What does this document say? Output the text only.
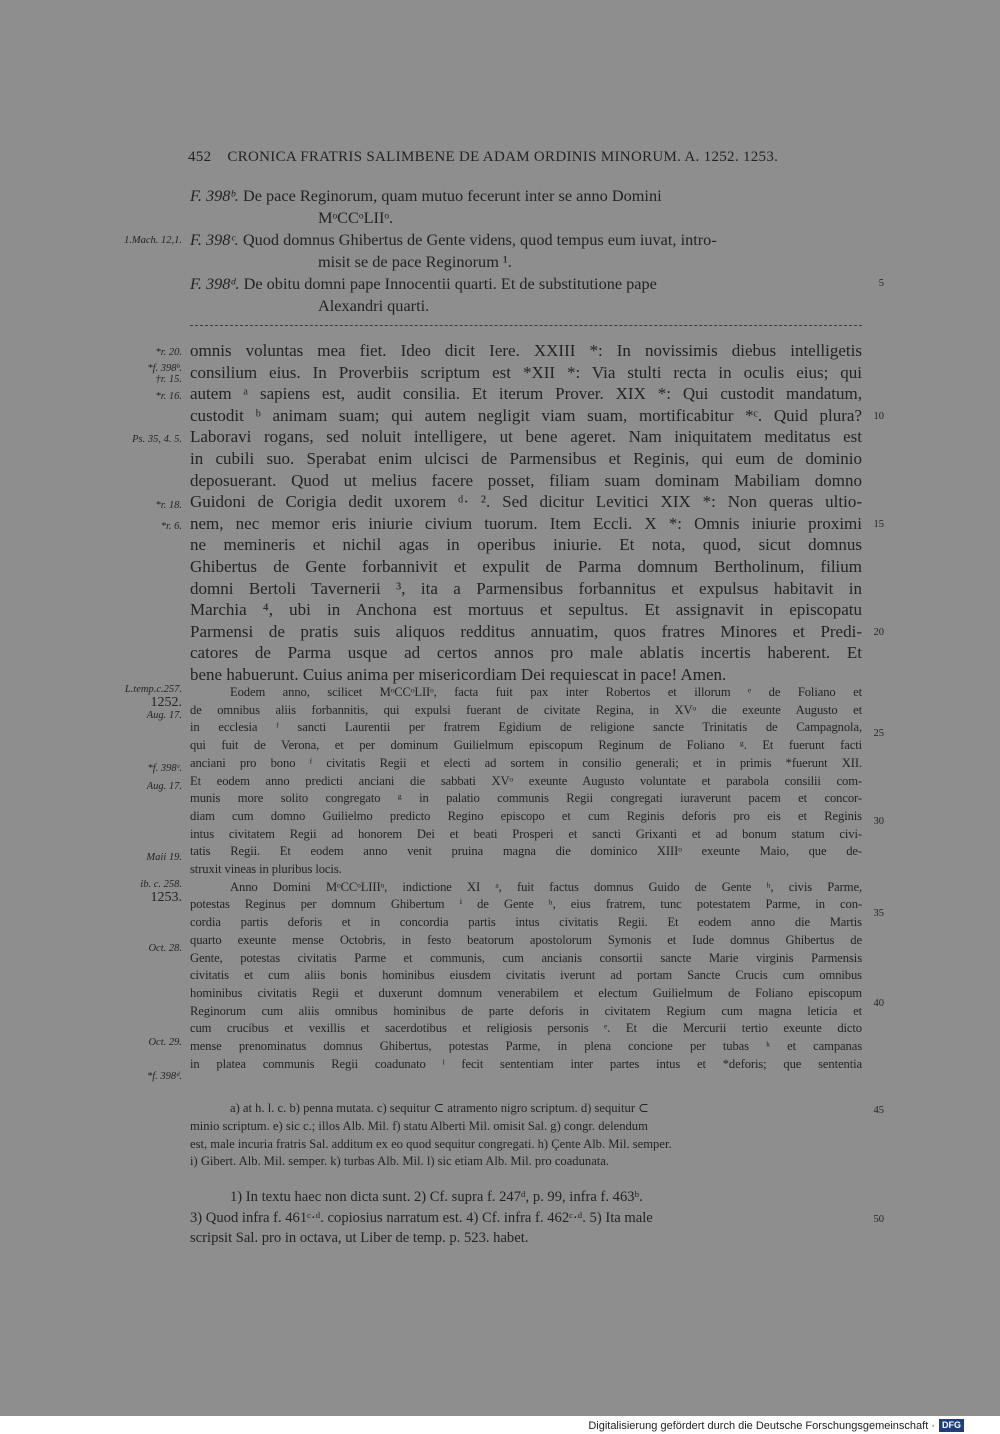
452 CRONICA FRATRIS SALIMBENE DE ADAM ORDINIS MINORUM. A. 1252. 1253.
F. 398ᵇ. De pace Reginorum, quam mutuo fecerunt inter se anno Domini
MᵒCCᵒLIIᵒ.
F. 398ᶜ. Quod domnus Ghibertus de Gente videns, quod tempus eum iuvat, intro-
misit se de pace Reginorum ¹.
F. 398ᵈ. De obitu domni pape Innocentii quarti. Et de substitutione pape
Alexandri quarti.
omnis voluntas mea fiet. Ideo dicit Iere. XXIII *: In novissimis diebus intelligetis
consilium eius. In Proverbiis scriptum est *XII *: Via stulti recta in oculis eius; qui
autem ᵃ sapiens est, audit consilia. Et iterum Prover. XIX *: Qui custodit mandatum,
custodit ᵇ animam suam; qui autem negligit viam suam, mortificabitur *ᶜ. Quid plura?
Laboravi rogans, sed noluit intelligere, ut bene ageret. Nam iniquitatem meditatus est
in cubili suo. Sperabat enim ulcisci de Parmensibus et Reginis, qui eum de dominio
deposuerant. Quod ut melius facere posset, filiam suam dominam Mabiliam domno
Guidoni de Corigia dedit uxorem ᵈ· ². Sed dicitur Levitici XIX *: Non queras ultio-
nem, nec memor eris iniurie civium tuorum. Item Eccli. X *: Omnis iniurie proximi
ne memineris et nichil agas in operibus iniurie. Et nota, quod, sicut domnus
Ghibertus de Gente forbannivit et expulit de Parma domnum Bertholinum, filium
domni Bertoli Tavernerii ³, ita a Parmensibus forbannitus et expulsus habitavit in
Marchia ⁴, ubi in Anchona est mortuus et sepultus. Et assignavit in episcopatu
Parmensi de pratis suis aliquos redditus annuatim, quos fratres Minores et Predi-
catores de Parma usque ad certos annos pro male ablatis incertis haberent. Et
bene habuerunt. Cuius anima per misericordiam Dei requiescat in pace! Amen.
Eodem anno, scilicet MᵒCCᵒLIIᵒ, facta fuit pax inter Robertos et illorum ᵉ de Foliano et
de omnibus aliis forbannitis, qui expulsi fuerant de civitate Regina, in XVᵒ die exeunte Augusto et
in ecclesia ᶠ sancti Laurentii per fratrem Egidium de religione sancte Trinitatis de Campagnola,
qui fuit de Verona, et per dominum Guilielmum episcopum Reginum de Foliano ᵍ. Et fuerunt facti
anciani pro bono ᶠ civitatis Regii et electi ad sortem in consilio generali; et in primis *fuerunt XII.
Et eodem anno predicti anciani die sabbati XVᵒ exeunte Augusto voluntate et parabola consilii com-
munis more solito congregato ᵍ in palatio communis Regii congregati iuraverunt pacem et concor-
diam cum domno Guilielmo predicto Regino episcopo et cum Reginis deforis pro eis et Reginis
intus civitatem Regii ad honorem Dei et beati Prosperi et sancti Grixanti et ad bonum statum civi-
tatis Regii. Et eodem anno venit pruina magna die dominico XIIIᵒ exeunte Maio, que de-
struxit vineas in pluribus locis.
Anno Domini MᵒCCᵒLIIIᵒ, indictione XI ᵃ, fuit factus domnus Guido de Gente ʰ, civis Parme,
potestas Reginus per domnum Ghibertum ⁱ de Gente ʰ, eius fratrem, tunc potestatem Parme, in con-
cordia partis deforis et in concordia partis intus civitatis Regii. Et eodem anno die Martis
quarto exeunte mense Octobris, in festo beatorum apostolorum Symonis et Iude domnus Ghibertus de
Gente, potestas civitatis Parme et communis, cum ancianis consortii sancte Marie virginis Parmensis
civitatis et cum aliis bonis hominibus eiusdem civitatis iverunt ad portam Sancte Crucis cum omnibus
hominibus civitatis Regii et duxerunt domnum venerabilem et electum Guilielmum de Foliano episcopum
Reginorum cum aliis omnibus hominibus de parte deforis in civitatem Regium cum magna leticia et
cum crucibus et vexillis et sacerdotibus et religiosis personis ᵉ. Et die Mercurii tertio exeunte dicto
mense prenominatus domnus Ghibertus, potestas Parme, in plena concione per tubas ᵏ et campanas
in platea communis Regii coadunato ˡ fecit sententiam inter partes intus et *deforis; que sententia
a) at h. l. c. b) penna mutata. c) sequitur ⊂ atramento nigro scriptum. d) sequitur ⊂
minio scriptum. e) sic c.; illos Alb. Mil. f) statu Alberti Mil. omisit Sal. g) congr. delendum
est, male incuria fratris Sal. additum ex eo quod sequitur congregati. h) Çente Alb. Mil. semper.
i) Gibert. Alb. Mil. semper. k) turbas Alb. Mil. l) sic etiam Alb. Mil. pro coadunata.
1) In textu haec non dicta sunt. 2) Cf. supra f. 247ᵈ, p. 99, infra f. 463ᵇ.
3) Quod infra f. 461ᶜ·ᵈ. copiosius narratum est. 4) Cf. infra f. 462ᶜ·ᵈ. 5) Ita male
scripsit Sal. pro in octava, ut Liber de temp. p. 523. habet.
1.Mach. 12,1.
*r. 20.
*f. 398ᵇ.
†r. 15.
*r. 16.
Ps. 35, 4. 5.
*r. 18.
*r. 6.
L.temp.c.257.
1252.
Aug. 17.
*f. 398ᶜ.
Aug. 17.
Maii 19.
ib. c. 258.
1253.
Oct. 28.
Oct. 29.
*f. 398ᵈ.
5
10
15
20
25
30
35
40
45
50
Digitalisierung gefördert durch die Deutsche Forschungsgemeinschaft · DFG
